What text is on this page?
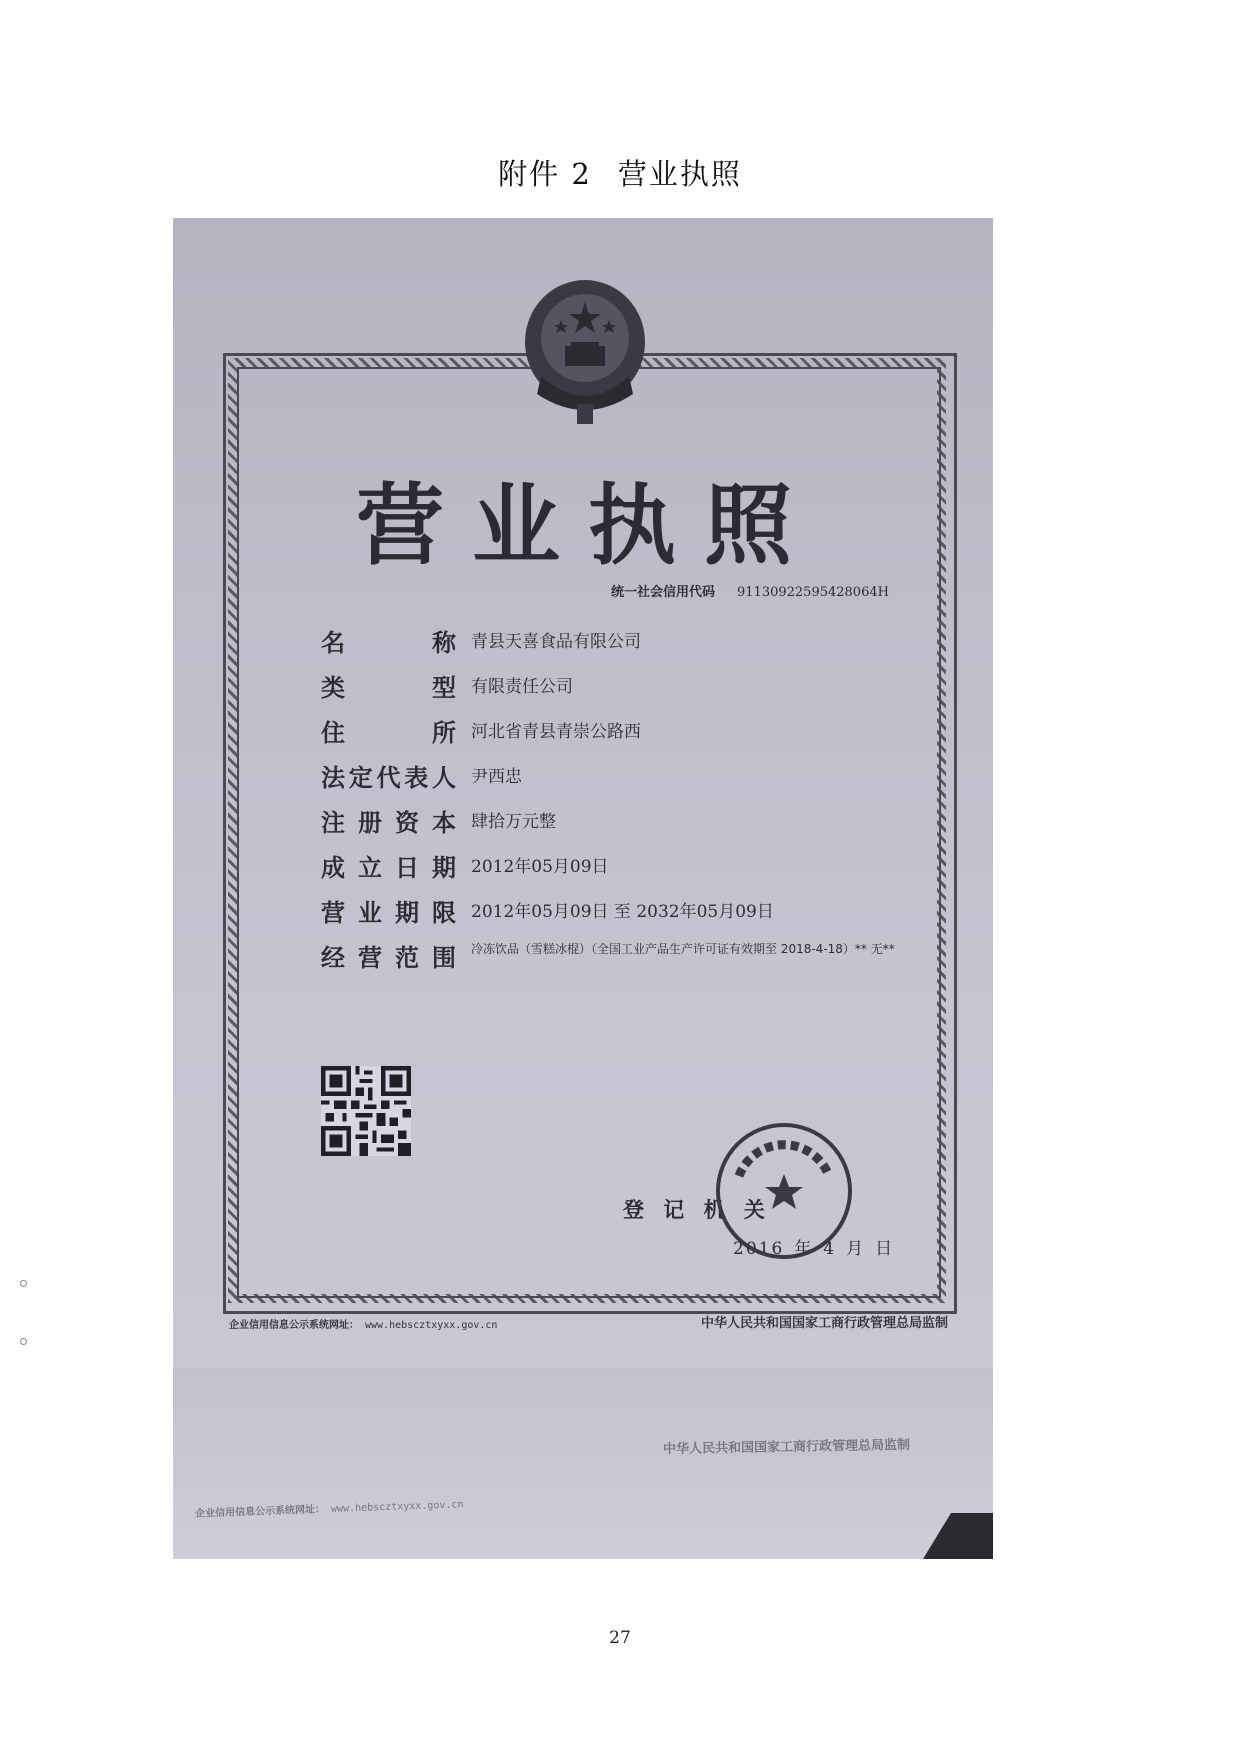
附件 2 营业执照
营业执照
统一社会信用代码 91130922595428064H
名　　称 青县天喜食品有限公司
类　　型 有限责任公司
住　　所 河北省青县青崇公路西
法定代表人 尹西忠
注册资本 肆拾万元整
成立日期 2012年05月09日
营业期限 2012年05月09日 至 2032年05月09日
经营范围 冷冻饮品（雪糕冰棍）（全国工业产品生产许可证有效期至 2018-4-18）** 无**
登 记 机 关
2016 年 4 月 日
企业信用信息公示系统网址： www.hebscztxyxx.gov.cn	中华人民共和国国家工商行政管理总局监制
中华人民共和国国家工商行政管理总局监制
企业信用信息公示系统网址： www.hebscztxyxx.gov.cn
27
